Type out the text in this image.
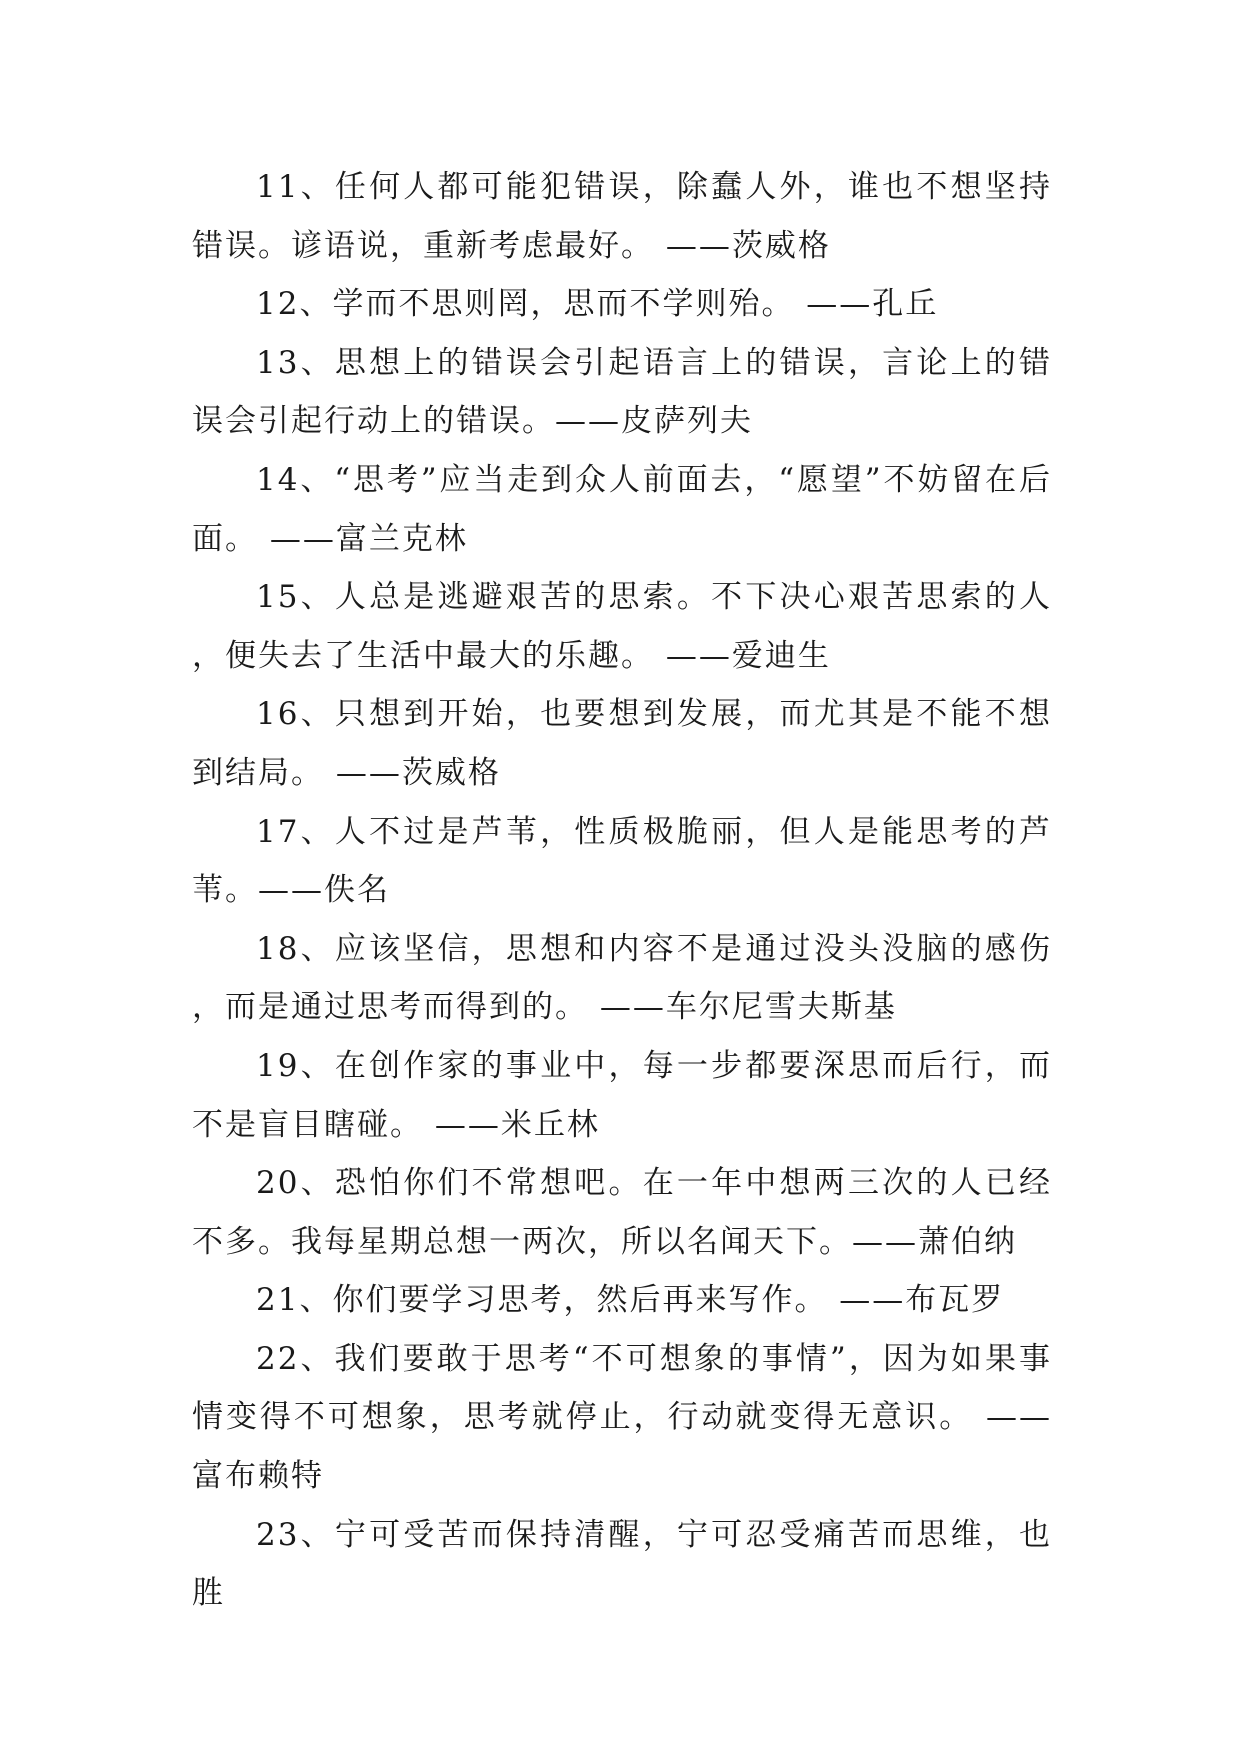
11、任何人都可能犯错误，除蠢人外，谁也不想坚持错误。谚语说，重新考虑最好。 ——茨威格

12、学而不思则罔，思而不学则殆。 ——孔丘

13、思想上的错误会引起语言上的错误，言论上的错误会引起行动上的错误。——皮萨列夫

14、“思考”应当走到众人前面去，“愿望”不妨留在后面。 ——富兰克林

15、人总是逃避艰苦的思索。不下决心艰苦思索的人，便失去了生活中最大的乐趣。 ——爱迪生

16、只想到开始，也要想到发展，而尤其是不能不想到结局。 ——茨威格

17、人不过是芦苇，性质极脆丽，但人是能思考的芦苇。——佚名

18、应该坚信，思想和内容不是通过没头没脑的感伤，而是通过思考而得到的。 ——车尔尼雪夫斯基

19、在创作家的事业中，每一步都要深思而后行，而不是盲目瞎碰。 ——米丘林

20、恐怕你们不常想吧。在一年中想两三次的人已经不多。我每星期总想一两次，所以名闻天下。——萧伯纳

21、你们要学习思考，然后再来写作。 ——布瓦罗

22、我们要敢于思考“不可想象的事情”，因为如果事情变得不可想象，思考就停止，行动就变得无意识。 ——富布赖特

23、宁可受苦而保持清醒，宁可忍受痛苦而思维，也胜
